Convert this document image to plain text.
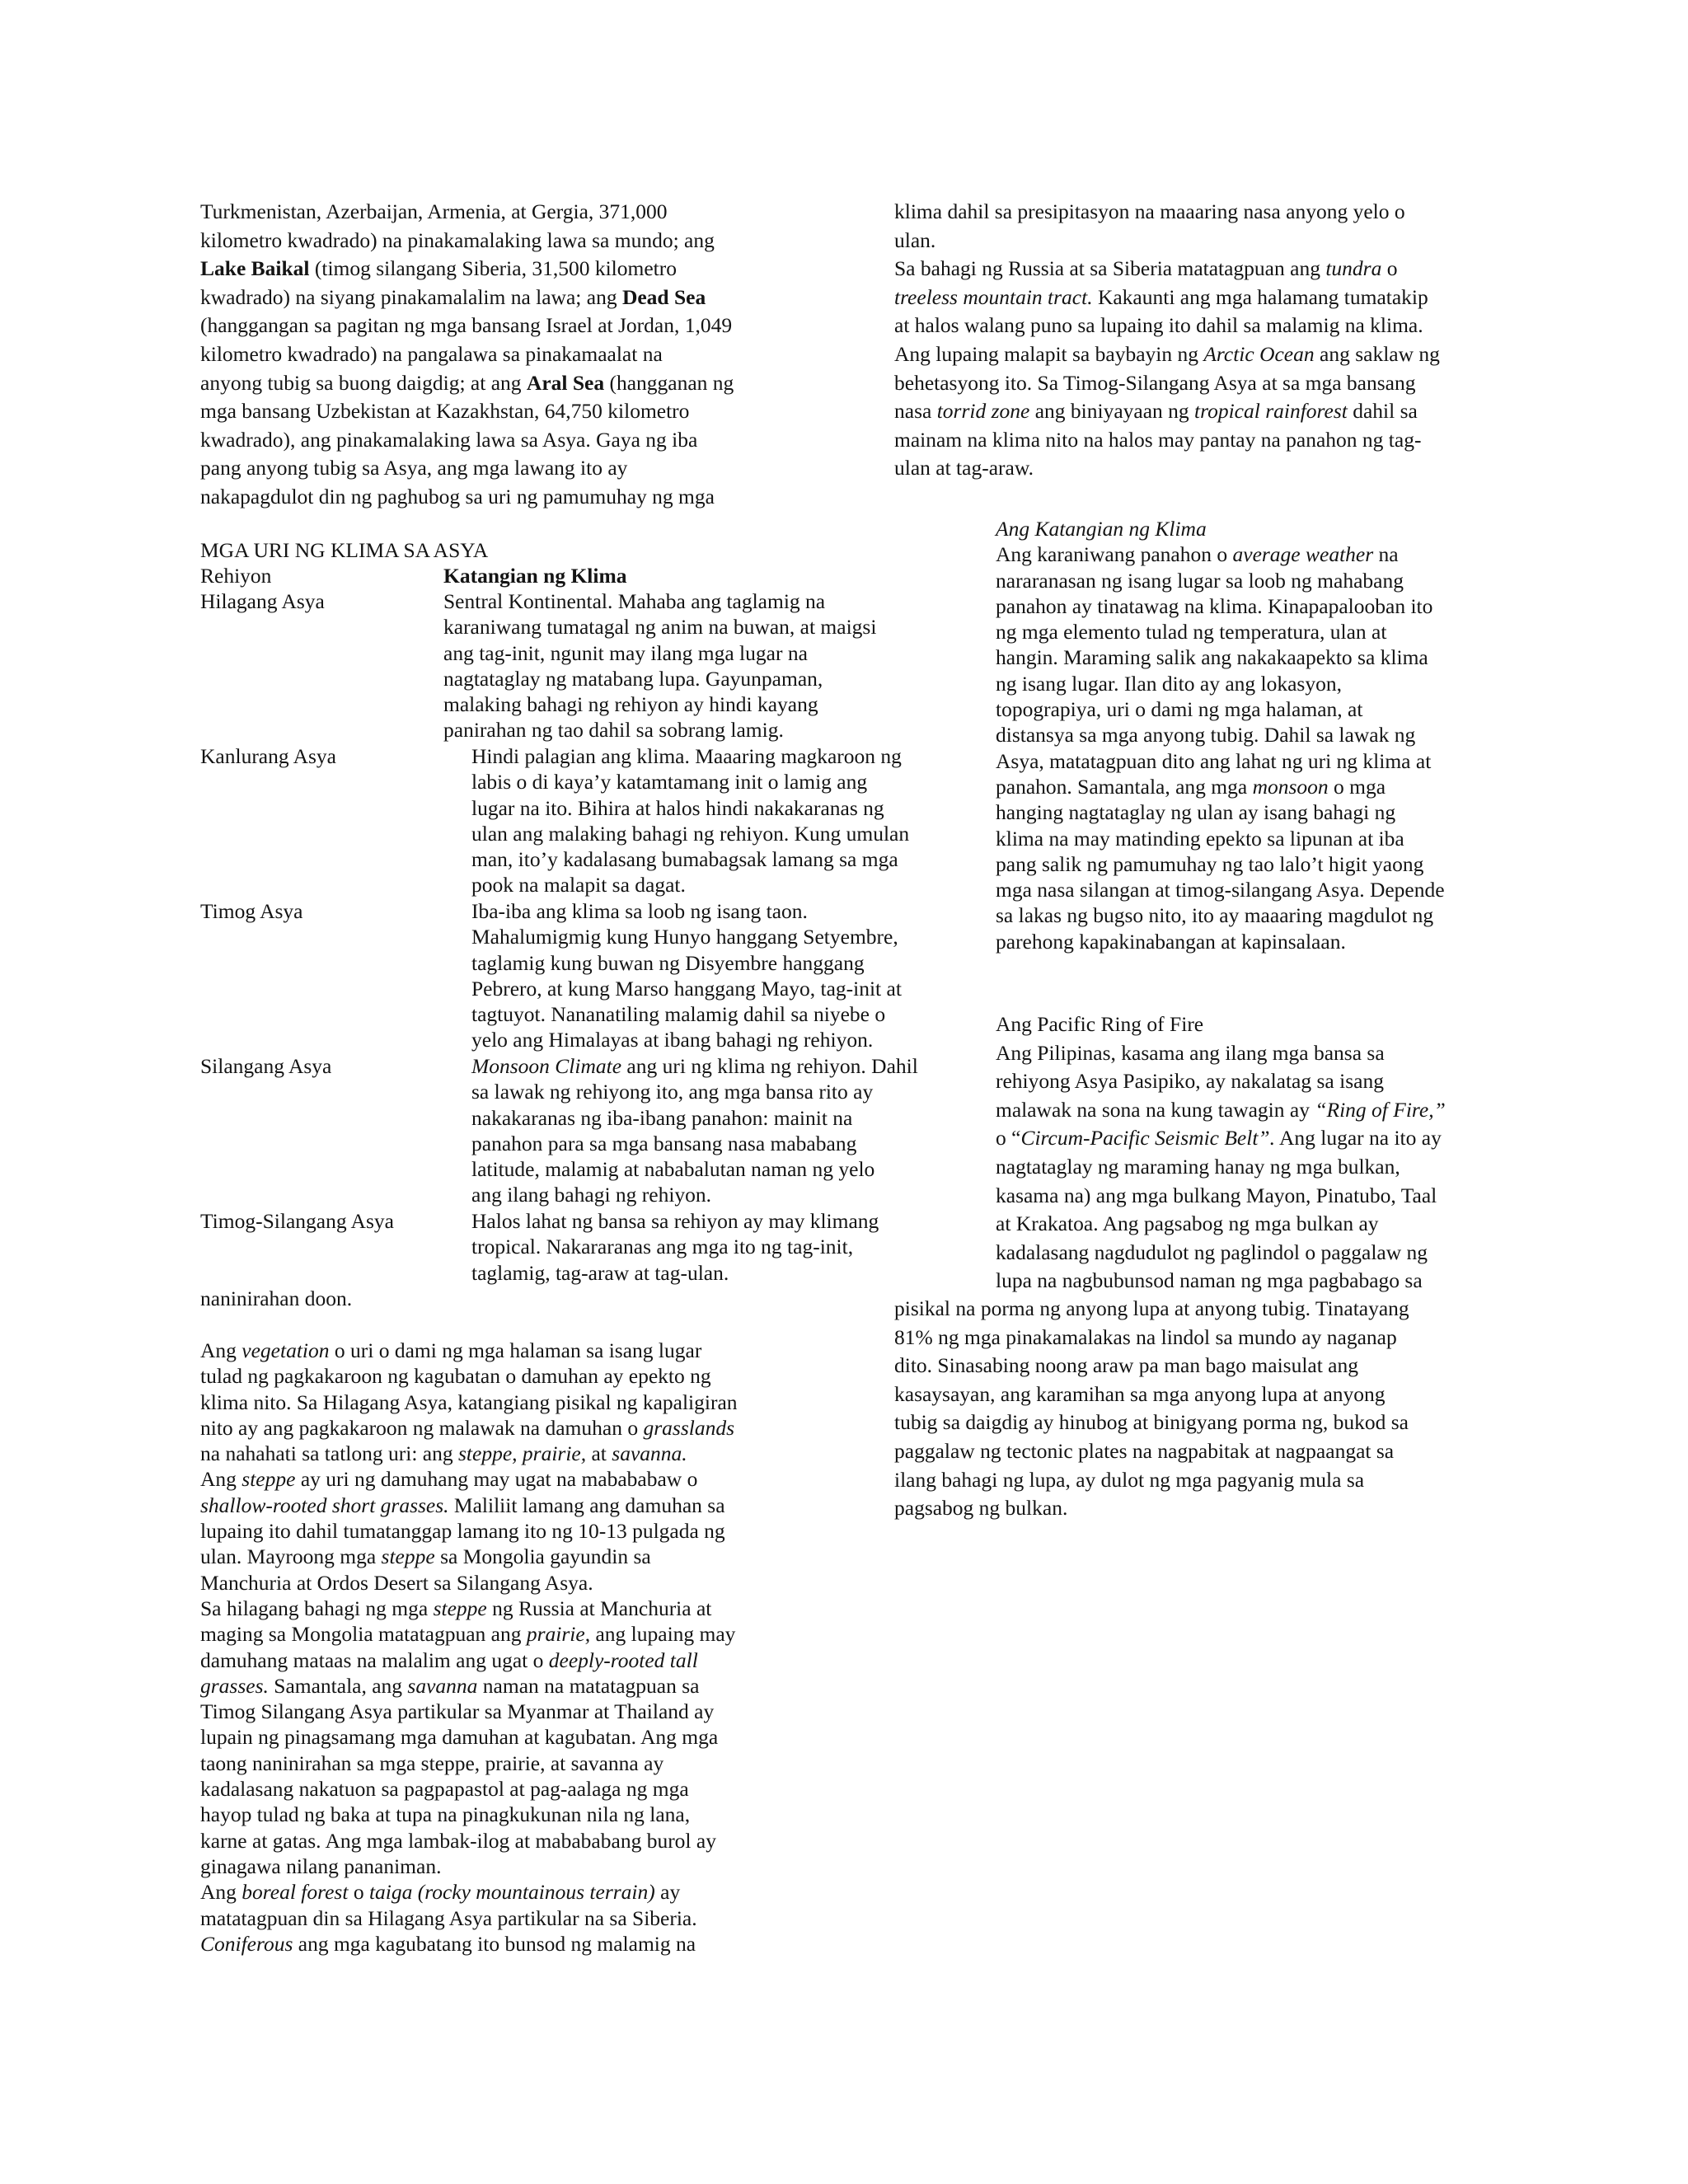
Turkmenistan, Azerbaijan, Armenia, at Gergia, 371,000

kilometro kwadrado) na pinakamalaking lawa sa mundo; ang

Lake Baikal (timog silangang Siberia, 31,500 kilometro

kwadrado) na siyang pinakamalalim na lawa; ang Dead Sea

(hanggangan sa pagitan ng mga bansang Israel at Jordan, 1,049

kilometro kwadrado) na pangalawa sa pinakamaalat na

anyong tubig sa buong daigdig; at ang Aral Sea (hangganan ng

mga bansang Uzbekistan at Kazakhstan, 64,750 kilometro

kwadrado), ang pinakamalaking lawa sa Asya. Gaya ng iba

pang anyong tubig sa Asya, ang mga lawang ito ay

nakapagdulot din ng paghubog sa uri ng pamumuhay ng mga

MGA URI NG KLIMA SA ASYA
Rehiyon	Katangian ng Klima
Hilagang Asya	Sentral Kontinental. Mahaba ang taglamig na
karaniwang tumatagal ng anim na buwan, at maigsi
ang tag-init, ngunit may ilang mga lugar na
nagtataglay ng matabang lupa. Gayunpaman,
malaking bahagi ng rehiyon ay hindi kayang
panirahan ng tao dahil sa sobrang lamig.
Kanlurang Asya	Hindi palagian ang klima. Maaaring magkaroon ng
labis o di kaya’y katamtamang init o lamig ang
lugar na ito. Bihira at halos hindi nakakaranas ng
ulan ang malaking bahagi ng rehiyon. Kung umulan
man, ito’y kadalasang bumabagsak lamang sa mga
pook na malapit sa dagat.
Timog Asya	Iba-iba ang klima sa loob ng isang taon.
Mahalumigmig kung Hunyo hanggang Setyembre,
taglamig kung buwan ng Disyembre hanggang
Pebrero, at kung Marso hanggang Mayo, tag-init at
tagtuyot. Nananatiling malamig dahil sa niyebe o
yelo ang Himalayas at ibang bahagi ng rehiyon.
Silangang Asya	Monsoon Climate ang uri ng klima ng rehiyon. Dahil
sa lawak ng rehiyong ito, ang mga bansa rito ay
nakakaranas ng iba-ibang panahon: mainit na
panahon para sa mga bansang nasa mababang
latitude, malamig at nababalutan naman ng yelo
ang ilang bahagi ng rehiyon.
Timog-Silangang Asya	Halos lahat ng bansa sa rehiyon ay may klimang
tropical. Nakararanas ang mga ito ng tag-init,
taglamig, tag-araw at tag-ulan.
naninirahan doon.

Ang vegetation o uri o dami ng mga halaman sa isang lugar

tulad ng pagkakaroon ng kagubatan o damuhan ay epekto ng

klima nito. Sa Hilagang Asya, katangiang pisikal ng kapaligiran

nito ay ang pagkakaroon ng malawak na damuhan o grasslands

na nahahati sa tatlong uri: ang steppe, prairie, at savanna.

Ang steppe ay uri ng damuhang may ugat na mabababaw o

shallow-rooted short grasses. Maliliit lamang ang damuhan sa

lupaing ito dahil tumatanggap lamang ito ng 10-13 pulgada ng

ulan. Mayroong mga steppe sa Mongolia gayundin sa

Manchuria at Ordos Desert sa Silangang Asya.

Sa hilagang bahagi ng mga steppe ng Russia at Manchuria at

maging sa Mongolia matatagpuan ang prairie, ang lupaing may

damuhang mataas na malalim ang ugat o deeply-rooted tall

grasses. Samantala, ang savanna naman na matatagpuan sa

Timog Silangang Asya partikular sa Myanmar at Thailand ay

lupain ng pinagsamang mga damuhan at kagubatan. Ang mga

taong naninirahan sa mga steppe, prairie, at savanna ay

kadalasang nakatuon sa pagpapastol at pag-aalaga ng mga

hayop tulad ng baka at tupa na pinagkukunan nila ng lana,

karne at gatas. Ang mga lambak-ilog at mabababang burol ay

ginagawa nilang pananiman.

Ang boreal forest o taiga (rocky mountainous terrain) ay

matatagpuan din sa Hilagang Asya partikular na sa Siberia.

Coniferous ang mga kagubatang ito bunsod ng malamig na

klima dahil sa presipitasyon na maaaring nasa anyong yelo o

ulan.

Sa bahagi ng Russia at sa Siberia matatagpuan ang tundra o

treeless mountain tract. Kakaunti ang mga halamang tumatakip

at halos walang puno sa lupaing ito dahil sa malamig na klima.

Ang lupaing malapit sa baybayin ng Arctic Ocean ang saklaw ng

behetasyong ito. Sa Timog-Silangang Asya at sa mga bansang

nasa torrid zone ang biniyayaan ng tropical rainforest dahil sa

mainam na klima nito na halos may pantay na panahon ng tag-

ulan at tag-araw.

Ang Katangian ng Klima

Ang karaniwang panahon o average weather na

nararanasan ng isang lugar sa loob ng mahabang

panahon ay tinatawag na klima. Kinapapalooban ito

ng mga elemento tulad ng temperatura, ulan at

hangin. Maraming salik ang nakakaapekto sa klima

ng isang lugar. Ilan dito ay ang lokasyon,

topograpiya, uri o dami ng mga halaman, at

distansya sa mga anyong tubig. Dahil sa lawak ng

Asya, matatagpuan dito ang lahat ng uri ng klima at

panahon. Samantala, ang mga monsoon o mga

hanging nagtataglay ng ulan ay isang bahagi ng

klima na may matinding epekto sa lipunan at iba

pang salik ng pamumuhay ng tao lalo’t higit yaong

mga nasa silangan at timog-silangang Asya. Depende

sa lakas ng bugso nito, ito ay maaaring magdulot ng

parehong kapakinabangan at kapinsalaan.

Ang Pacific Ring of Fire

Ang Pilipinas, kasama ang ilang mga bansa sa

rehiyong Asya Pasipiko, ay nakalatag sa isang

malawak na sona na kung tawagin ay “Ring of Fire,”

o “Circum-Pacific Seismic Belt”. Ang lugar na ito ay

nagtataglay ng maraming hanay ng mga bulkan,

kasama na) ang mga bulkang Mayon, Pinatubo, Taal

at Krakatoa. Ang pagsabog ng mga bulkan ay

kadalasang nagdudulot ng paglindol o paggalaw ng

lupa na nagbubunsod naman ng mga pagbabago sa

pisikal na porma ng anyong lupa at anyong tubig. Tinatayang

81% ng mga pinakamalakas na lindol sa mundo ay naganap

dito. Sinasabing noong araw pa man bago maisulat ang

kasaysayan, ang karamihan sa mga anyong lupa at anyong

tubig sa daigdig ay hinubog at binigyang porma ng, bukod sa

paggalaw ng tectonic plates na nagpabitak at nagpaangat sa

ilang bahagi ng lupa, ay dulot ng mga pagyanig mula sa

pagsabog ng bulkan.
